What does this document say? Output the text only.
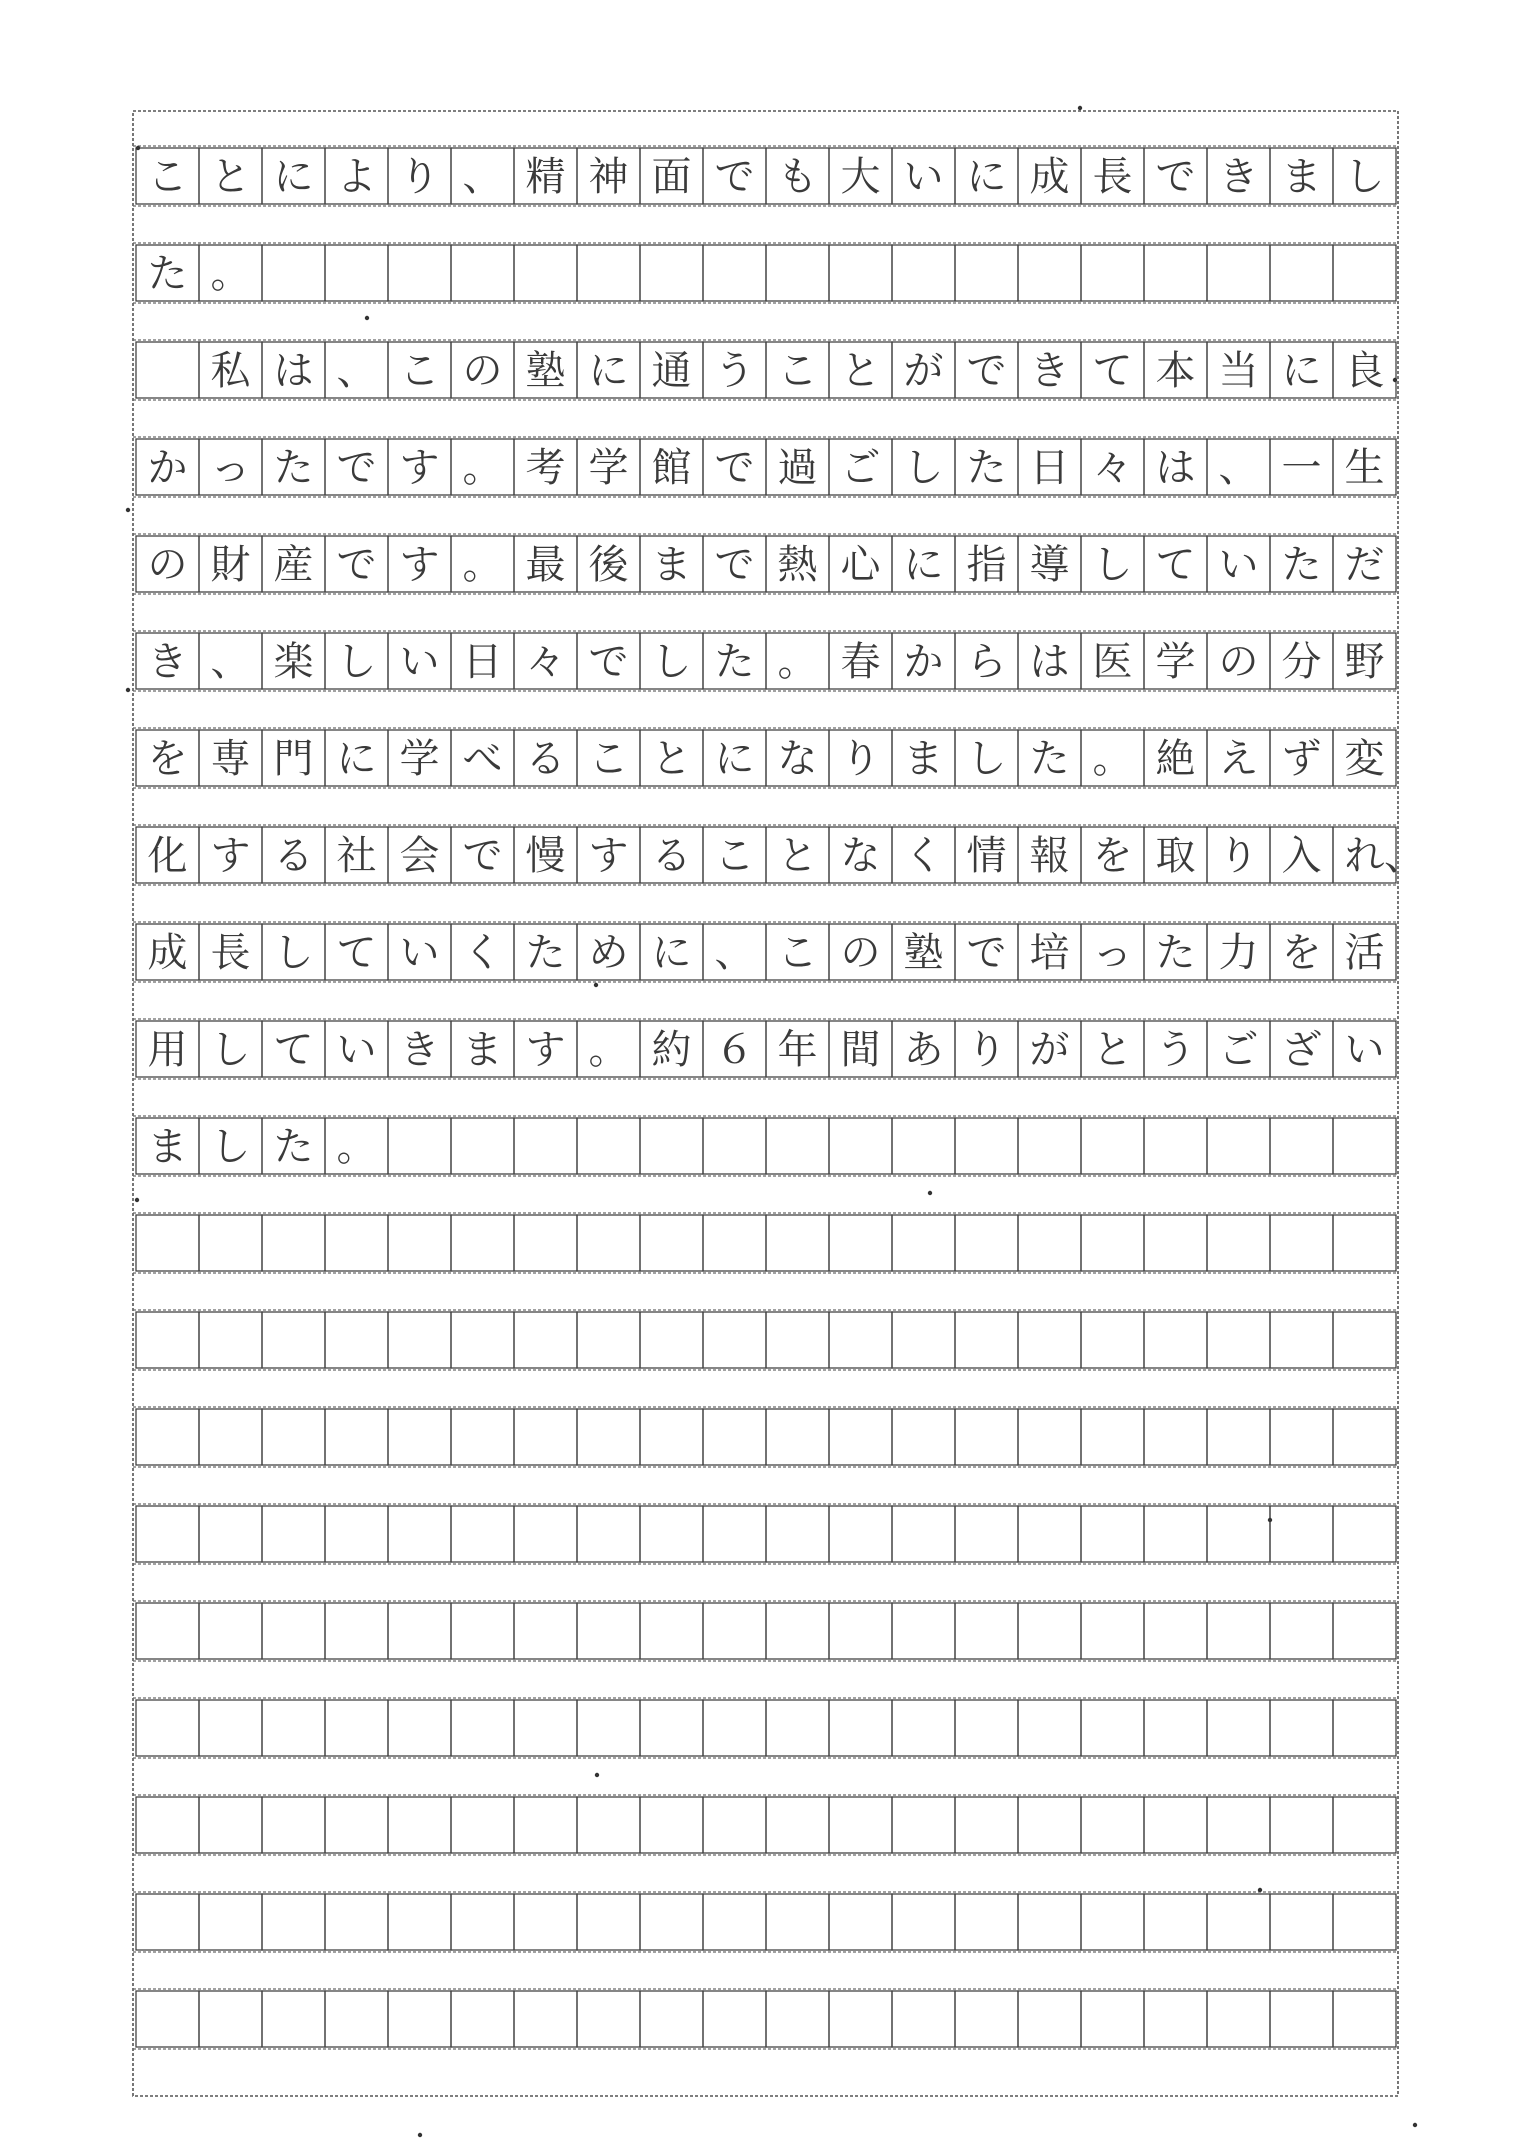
こ と に よ り 、 精 神 面 で も 大 い に 成 長 で き ま し
た 。
私 は 、 こ の 塾 に 通 う こ と が で き て 本 当 に 良
か っ た で す 。 考 学 館 で 過 ご し た 日 々 は 、 一 生
の 財 産 で す 。 最 後 ま で 熱 心 に 指 導 し て い た だ
き 、 楽 し い 日 々 で し た 。 春 か ら は 医 学 の 分 野
を 専 門 に 学 べ る こ と に な り ま し た 。 絶 え ず 変
化 す る 社 会 で 慢 す る こ と な く 情 報 を 取 り 入 れ 、
成 長 し て い く た め に 、 こ の 塾 で 培 っ た 力 を 活
用 し て い き ま す 。 約 ６ 年 間 あ り が と う ご ざ い
ま し た 。
